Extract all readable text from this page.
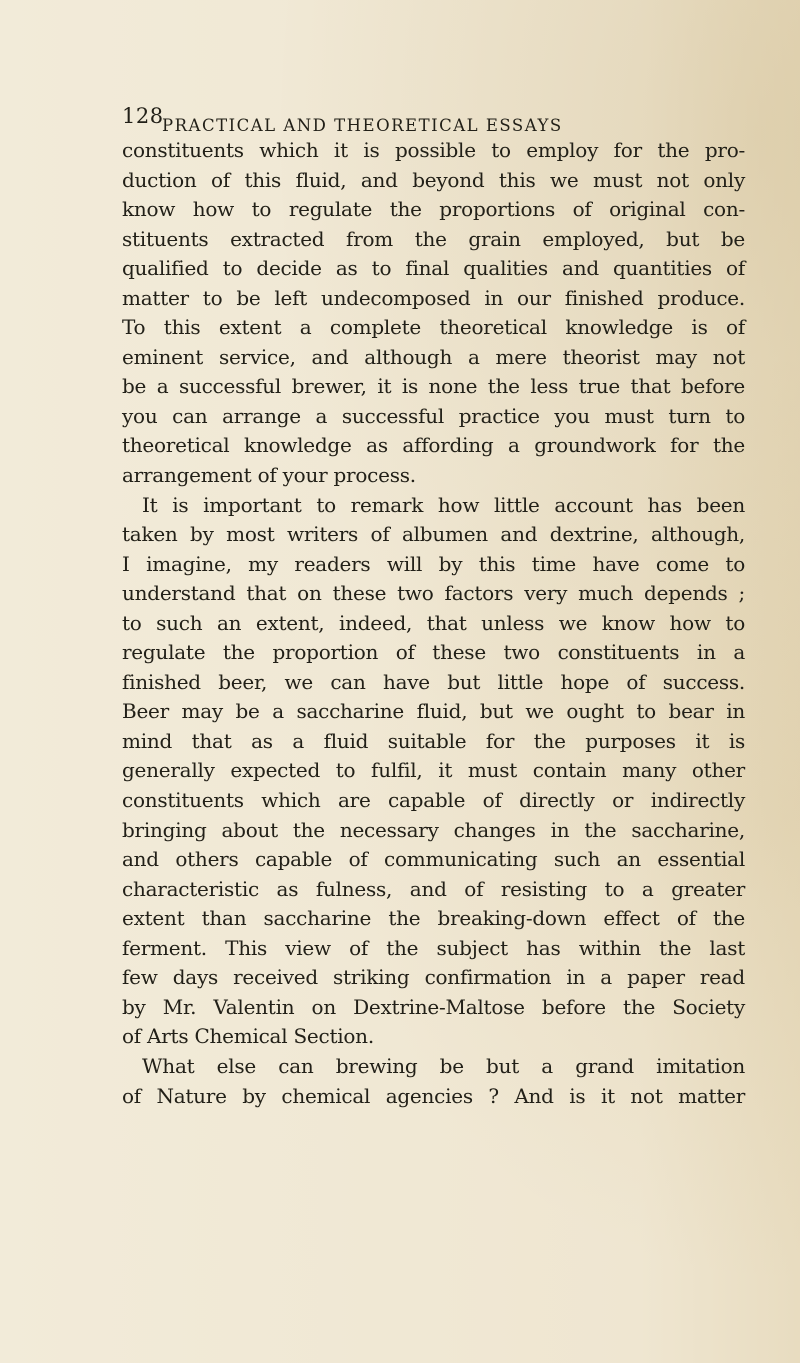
128
PRACTICAL AND THEORETICAL ESSAYS
constituents which it is possible to employ for the pro-
duction of this fluid, and beyond this we must not only
know how to regulate the proportions of original con-
stituents extracted from the grain employed, but be
qualified to decide as to final qualities and quantities of
matter to be left undecomposed in our finished produce.
To this extent a complete theoretical knowledge is of
eminent service, and although a mere theorist may not
be a successful brewer, it is none the less true that before
you can arrange a successful practice you must turn to
theoretical knowledge as affording a groundwork for the
arrangement of your process.
It is important to remark how little account has been
taken by most writers of albumen and dextrine, although,
I imagine, my readers will by this time have come to
understand that on these two factors very much depends ;
to such an extent, indeed, that unless we know how to
regulate the proportion of these two constituents in a
finished beer, we can have but little hope of success.
Beer may be a saccharine fluid, but we ought to bear in
mind that as a fluid suitable for the purposes it is
generally expected to fulfil, it must contain many other
constituents which are capable of directly or indirectly
bringing about the necessary changes in the saccharine,
and others capable of communicating such an essential
characteristic as fulness, and of resisting to a greater
extent than saccharine the breaking-down effect of the
ferment. This view of the subject has within the last
few days received striking confirmation in a paper read
by Mr. Valentin on Dextrine-Maltose before the Society
of Arts Chemical Section.
What else can brewing be but a grand imitation
of Nature by chemical agencies ? And is it not matter
